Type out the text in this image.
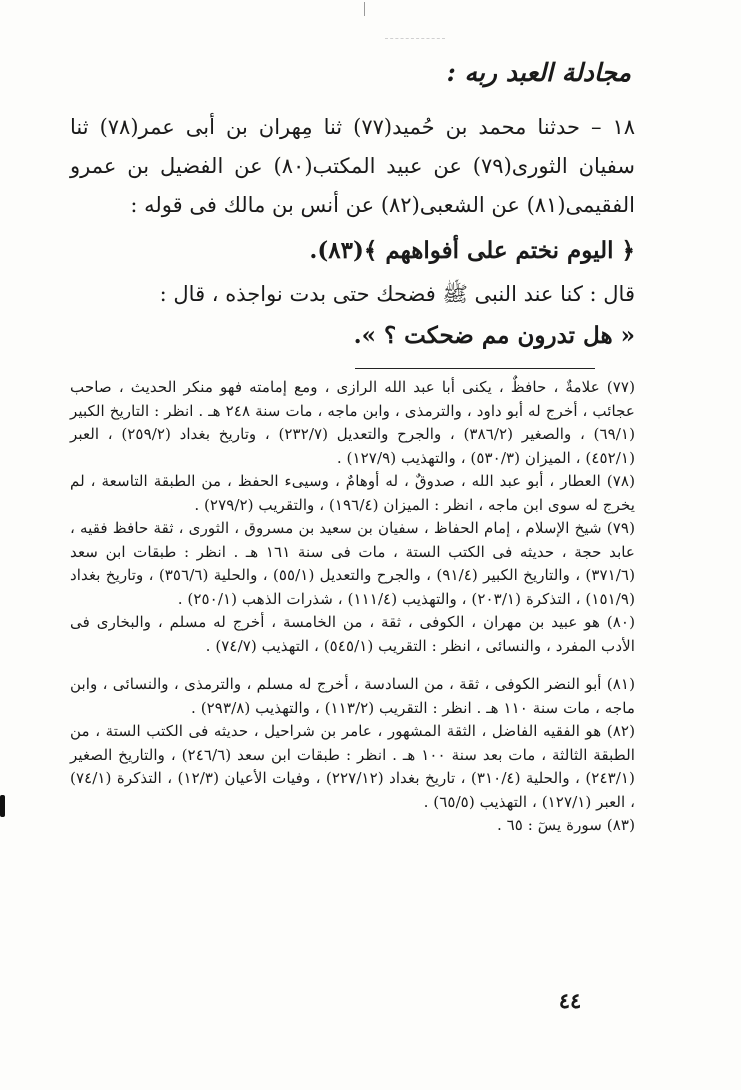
مجادلة العبد ربه :

١٨ – حدثنا محمد بن حُميد(٧٧) ثنا مِهران بن أبى عمر(٧٨) ثنا سفيان الثورى(٧٩) عن عبيد المكتب(٨٠) عن الفضيل بن عمرو الفقيمى(٨١) عن الشعبى(٨٢) عن أنس بن مالك فى قوله :

﴿ اليوم نختم على أفواههم ﴾(٨٣).

قال : كنا عند النبى ﷺ فضحك حتى بدت نواجذه ، قال :

« هل تدرون مم ضحكت ؟ ».

(٧٧) علامةٌ ، حافظٌ ، يكنى أبا عبد الله الرازى ، ومع إمامته فهو منكر الحديث ، صاحب عجائب ، أخرج له أبو داود ، والترمذى ، وابن ماجه ، مات سنة ٢٤٨ هـ . انظر : التاريخ الكبير (٦٩/١) ، والصغير (٣٨٦/٢) ، والجرح والتعديل (٢٣٢/٧) ، وتاريخ بغداد (٢٥٩/٢) ، العبر (٤٥٢/١) ، الميزان (٥٣٠/٣) ، والتهذيب (١٢٧/٩) .

(٧٨) العطار ، أبو عبد الله ، صدوقٌ ، له أوهامٌ ، وسيىء الحفظ ، من الطبقة التاسعة ، لم يخرج له سوى ابن ماجه ، انظر : الميزان (١٩٦/٤) ، والتقريب (٢٧٩/٢) .

(٧٩) شيخ الإسلام ، إمام الحفاظ ، سفيان بن سعيد بن مسروق ، الثورى ، ثقة حافظ فقيه ، عابد حجة ، حديثه فى الكتب الستة ، مات فى سنة ١٦١ هـ . انظر : طبقات ابن سعد (٣٧١/٦) ، والتاريخ الكبير (٩١/٤) ، والجرح والتعديل (٥٥/١) ، والحلية (٣٥٦/٦) ، وتاريخ بغداد (١٥١/٩) ، التذكرة (٢٠٣/١) ، والتهذيب (١١١/٤) ، شذرات الذهب (٢٥٠/١) .

(٨٠) هو عبيد بن مهران ، الكوفى ، ثقة ، من الخامسة ، أخرج له مسلم ، والبخارى فى الأدب المفرد ، والنسائى ، انظر : التقريب (٥٤٥/١) ، التهذيب (٧٤/٧) .

(٨١) أبو النضر الكوفى ، ثقة ، من السادسة ، أخرج له مسلم ، والترمذى ، والنسائى ، وابن ماجه ، مات سنة ١١٠ هـ . انظر : التقريب (١١٣/٢) ، والتهذيب (٢٩٣/٨) .

(٨٢) هو الفقيه الفاضل ، الثقة المشهور ، عامر بن شراحيل ، حديثه فى الكتب الستة ، من الطبقة الثالثة ، مات بعد سنة ١٠٠ هـ . انظر : طبقات ابن سعد (٢٤٦/٦) ، والتاريخ الصغير (٢٤٣/١) ، والحلية (٣١٠/٤) ، تاريخ بغداد (٢٢٧/١٢) ، وفيات الأعيان (١٢/٣) ، التذكرة (٧٤/١) ، العبر (١٢٧/١) ، التهذيب (٦٥/٥) .

(٨٣) سورة يسٓ : ٦٥ .

٤٤
